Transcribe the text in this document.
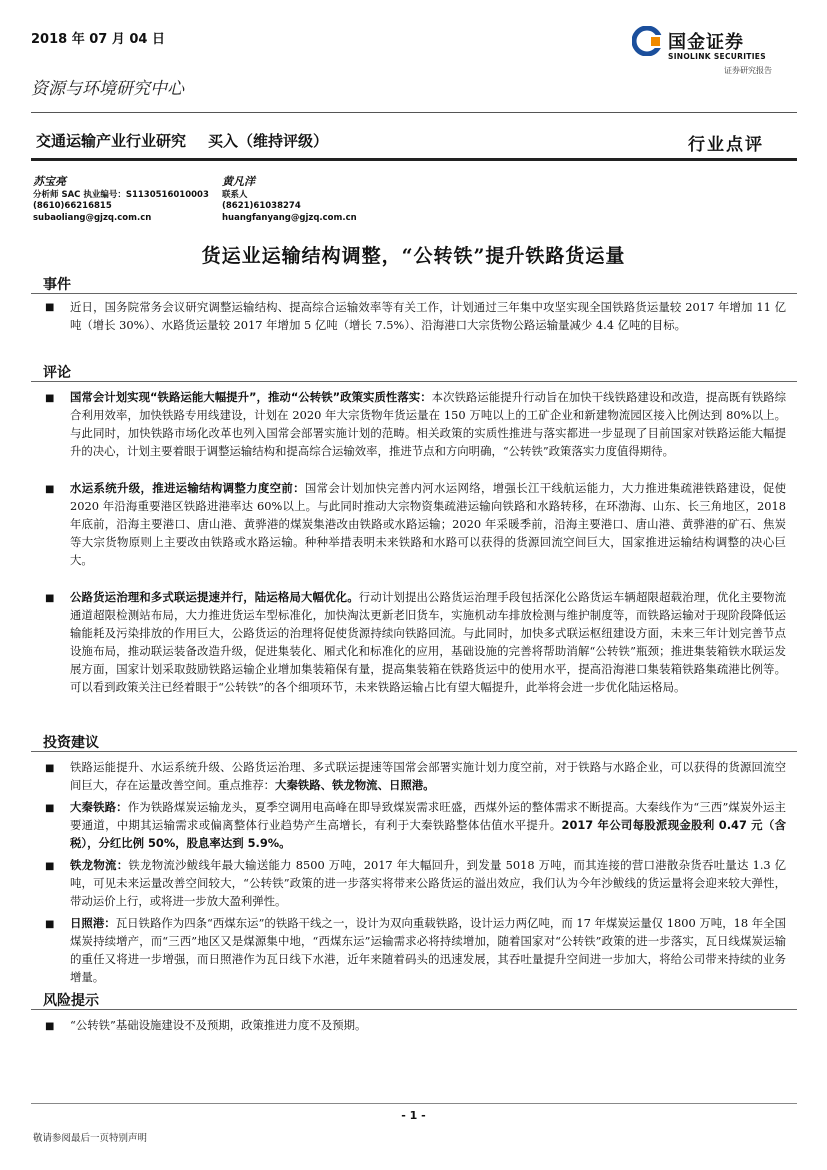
2018 年 07 月 04 日	国金证券
SINOLINK SECURITIES
证券研究报告
资源与环境研究中心
交通运输产业行业研究 买入（维持评级）	行业点评
苏宝亮
分析师 SAC 执业编号：S1130516010003
(8610)66216815
subaoliang@gjzq.com.cn
黄凡洋
联系人
(8621)61038274
huangfanyang@gjzq.com.cn
货运业运输结构调整，“公转铁”提升铁路货运量
事件
■ 近日，国务院常务会议研究调整运输结构、提高综合运输效率等有关工作，计划通过三年集中攻坚实现全国铁路货运量较 2017 年增加 11 亿吨（增长 30%）、水路货运量较 2017 年增加 5 亿吨（增长 7.5%）、沿海港口大宗货物公路运输量减少 4.4 亿吨的目标。
评论
■ 国常会计划实现“铁路运能大幅提升”，推动“公转铁”政策实质性落实：本次铁路运能提升行动旨在加快干线铁路建设和改造，提高既有铁路综合利用效率，加快铁路专用线建设，计划在 2020 年大宗货物年货运量在 150 万吨以上的工矿企业和新建物流园区接入比例达到 80%以上。与此同时，加快铁路市场化改革也列入国常会部署实施计划的范畴。相关政策的实质性推进与落实都进一步显现了目前国家对铁路运能大幅提升的决心，计划主要着眼于调整运输结构和提高综合运输效率，推进节点和方向明确，“公转铁”政策落实力度值得期待。
■ 水运系统升级，推进运输结构调整力度空前：国常会计划加快完善内河水运网络，增强长江干线航运能力，大力推进集疏港铁路建设，促使 2020 年沿海重要港区铁路进港率达 60%以上。与此同时推动大宗物资集疏港运输向铁路和水路转移，在环渤海、山东、长三角地区，2018 年底前，沿海主要港口、唐山港、黄骅港的煤炭集港改由铁路或水路运输；2020 年采暖季前，沿海主要港口、唐山港、黄骅港的矿石、焦炭等大宗货物原则上主要改由铁路或水路运输。种种举措表明未来铁路和水路可以获得的货源回流空间巨大，国家推进运输结构调整的决心巨大。
■ 公路货运治理和多式联运提速并行，陆运格局大幅优化。行动计划提出公路货运治理手段包括深化公路货运车辆超限超载治理，优化主要物流通道超限检测站布局，大力推进货运车型标准化，加快淘汰更新老旧货车，实施机动车排放检测与维护制度等，而铁路运输对于现阶段降低运输能耗及污染排放的作用巨大，公路货运的治理将促使货源持续向铁路回流。与此同时，加快多式联运枢纽建设方面，未来三年计划完善节点设施布局，推动联运装备改造升级，促进集装化、厢式化和标准化的应用，基础设施的完善将帮助消解“公转铁”瓶颈；推进集装箱铁水联运发展方面，国家计划采取鼓励铁路运输企业增加集装箱保有量，提高集装箱在铁路货运中的使用水平，提高沿海港口集装箱铁路集疏港比例等。可以看到政策关注已经着眼于“公转铁”的各个细项环节，未来铁路运输占比有望大幅提升，此举将会进一步优化陆运格局。
投资建议
■ 铁路运能提升、水运系统升级、公路货运治理、多式联运提速等国常会部署实施计划力度空前，对于铁路与水路企业，可以获得的货源回流空间巨大，存在运量改善空间。重点推荐：大秦铁路、铁龙物流、日照港。
■ 大秦铁路：作为铁路煤炭运输龙头，夏季空调用电高峰在即导致煤炭需求旺盛，西煤外运的整体需求不断提高。大秦线作为“三西”煤炭外运主要通道，中期其运输需求或偏离整体行业趋势产生高增长，有利于大秦铁路整体估值水平提升。2017 年公司每股派现金股利 0.47 元（含税），分红比例 50%，股息率达到 5.9%。
■ 铁龙物流：铁龙物流沙鲅线年最大输送能力 8500 万吨，2017 年大幅回升，到发量 5018 万吨，而其连接的营口港散杂货吞吐量达 1.3 亿吨，可见未来运量改善空间较大，“公转铁”政策的进一步落实将带来公路货运的溢出效应，我们认为今年沙鲅线的货运量将会迎来较大弹性，带动运价上行，或将进一步放大盈利弹性。
■ 日照港：瓦日铁路作为四条“西煤东运”的铁路干线之一，设计为双向重载铁路，设计运力两亿吨，而 17 年煤炭运量仅 1800 万吨，18 年全国煤炭持续增产，而“三西”地区又是煤源集中地，“西煤东运”运输需求必将持续增加，随着国家对“公转铁”政策的进一步落实，瓦日线煤炭运输的重任又将进一步增强，而日照港作为瓦日线下水港，近年来随着码头的迅速发展，其吞吐量提升空间进一步加大，将给公司带来持续的业务增量。
风险提示
■ “公转铁”基础设施建设不及预期，政策推进力度不及预期。
- 1 -
敬请参阅最后一页特别声明
